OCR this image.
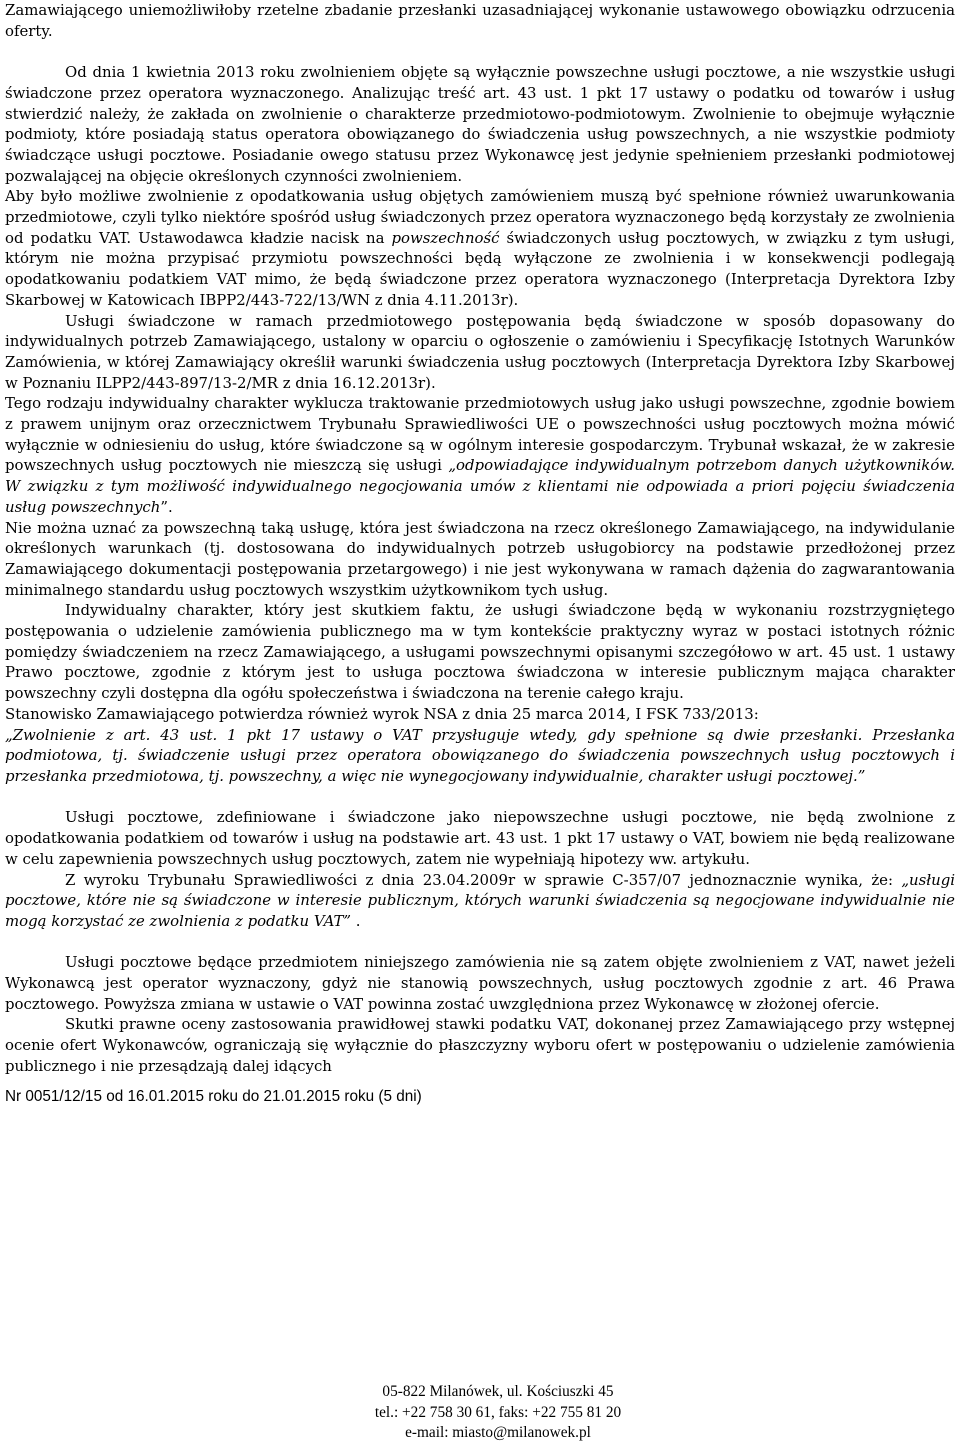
Zamawiającego uniemożliwiłoby rzetelne zbadanie przesłanki uzasadniającej wykonanie ustawowego obowiązku odrzucenia oferty.

Od dnia 1 kwietnia 2013 roku zwolnieniem objęte są wyłącznie powszechne usługi pocztowe, a nie wszystkie usługi świadczone przez operatora wyznaczonego. Analizując treść art. 43 ust. 1 pkt 17 ustawy o podatku od towarów i usług stwierdzić należy, że zakłada on zwolnienie o charakterze przedmiotowo-podmiotowym. Zwolnienie to obejmuje wyłącznie podmioty, które posiadają status operatora obowiązanego do świadczenia usług powszechnych, a nie wszystkie podmioty świadczące usługi pocztowe. Posiadanie owego statusu przez Wykonawcę jest jedynie spełnieniem przesłanki podmiotowej pozwalającej na objęcie określonych czynności zwolnieniem.

Aby było możliwe zwolnienie z opodatkowania usług objętych zamówieniem muszą być spełnione również uwarunkowania przedmiotowe, czyli tylko niektóre spośród usług świadczonych przez operatora wyznaczonego będą korzystały ze zwolnienia od podatku VAT. Ustawodawca kładzie nacisk na powszechność świadczonych usług pocztowych, w związku z tym usługi, którym nie można przypisać przymiotu powszechności będą wyłączone ze zwolnienia i w konsekwencji podlegają opodatkowaniu podatkiem VAT mimo, że będą świadczone przez operatora wyznaczonego (Interpretacja Dyrektora Izby Skarbowej w Katowicach IBPP2/443-722/13/WN z dnia 4.11.2013r).

Usługi świadczone w ramach przedmiotowego postępowania będą świadczone w sposób dopasowany do indywidualnych potrzeb Zamawiającego, ustalony w oparciu o ogłoszenie o zamówieniu i Specyfikację Istotnych Warunków Zamówienia, w której Zamawiający określił warunki świadczenia usług pocztowych (Interpretacja Dyrektora Izby Skarbowej w Poznaniu ILPP2/443-897/13-2/MR z dnia 16.12.2013r).

Tego rodzaju indywidualny charakter wyklucza traktowanie przedmiotowych usług jako usługi powszechne, zgodnie bowiem z prawem unijnym oraz orzecznictwem Trybunału Sprawiedliwości UE o powszechności usług pocztowych można mówić wyłącznie w odniesieniu do usług, które świadczone są w ogólnym interesie gospodarczym. Trybunał wskazał, że w zakresie powszechnych usług pocztowych nie mieszczą się usługi „odpowiadające indywidualnym potrzebom danych użytkowników. W związku z tym możliwość indywidualnego negocjowania umów z klientami nie odpowiada a priori pojęciu świadczenia usług powszechnych”.

Nie można uznać za powszechną taką usługę, która jest świadczona na rzecz określonego Zamawiającego, na indywidulanie określonych warunkach (tj. dostosowana do indywidualnych potrzeb usługobiorcy na podstawie przedłożonej przez Zamawiającego dokumentacji postępowania przetargowego) i nie jest wykonywana w ramach dążenia do zagwarantowania minimalnego standardu usług pocztowych wszystkim użytkownikom tych usług.

Indywidualny charakter, który jest skutkiem faktu, że usługi świadczone będą w wykonaniu rozstrzygniętego postępowania o udzielenie zamówienia publicznego ma w tym kontekście praktyczny wyraz w postaci istotnych różnic pomiędzy świadczeniem na rzecz Zamawiającego, a usługami powszechnymi opisanymi szczegółowo w art. 45 ust. 1 ustawy Prawo pocztowe, zgodnie z którym jest to usługa pocztowa świadczona w interesie publicznym mająca charakter powszechny czyli dostępna dla ogółu społeczeństwa i świadczona na terenie całego kraju.

Stanowisko Zamawiającego potwierdza również wyrok NSA z dnia 25 marca 2014, I FSK 733/2013:

„Zwolnienie z art. 43 ust. 1 pkt 17 ustawy o VAT przysługuje wtedy, gdy spełnione są dwie przesłanki. Przesłanka podmiotowa, tj. świadczenie usługi przez operatora obowiązanego do świadczenia powszechnych usług pocztowych i przesłanka przedmiotowa, tj. powszechny, a więc nie wynegocjowany indywidualnie, charakter usługi pocztowej.”

Usługi pocztowe, zdefiniowane i świadczone jako niepowszechne usługi pocztowe, nie będą zwolnione z opodatkowania podatkiem od towarów i usług na podstawie art. 43 ust. 1 pkt 17 ustawy o VAT, bowiem nie będą realizowane w celu zapewnienia powszechnych usług pocztowych, zatem nie wypełniają hipotezy ww. artykułu.

Z wyroku Trybunału Sprawiedliwości z dnia 23.04.2009r w sprawie C-357/07 jednoznacznie wynika, że: „usługi pocztowe, które nie są świadczone w interesie publicznym, których warunki świadczenia są negocjowane indywidualnie nie mogą korzystać ze zwolnienia z podatku VAT” .

Usługi pocztowe będące przedmiotem niniejszego zamówienia nie są zatem objęte zwolnieniem z VAT, nawet jeżeli Wykonawcą jest operator wyznaczony, gdyż nie stanowią powszechnych, usług pocztowych zgodnie z art. 46 Prawa pocztowego. Powyższa zmiana w ustawie o VAT powinna zostać uwzględniona przez Wykonawcę w złożonej ofercie.

Skutki prawne oceny zastosowania prawidłowej stawki podatku VAT, dokonanej przez Zamawiającego przy wstępnej ocenie ofert Wykonawców, ograniczają się wyłącznie do płaszczyzny wyboru ofert w postępowaniu o udzielenie zamówienia publicznego i nie przesądzają dalej idących

Nr 0051/12/15 od 16.01.2015 roku do 21.01.2015 roku (5 dni)

05-822 Milanówek, ul. Kościuszki 45
tel.: +22 758 30 61, faks: +22 755 81 20
e-mail: miasto@milanowek.pl
